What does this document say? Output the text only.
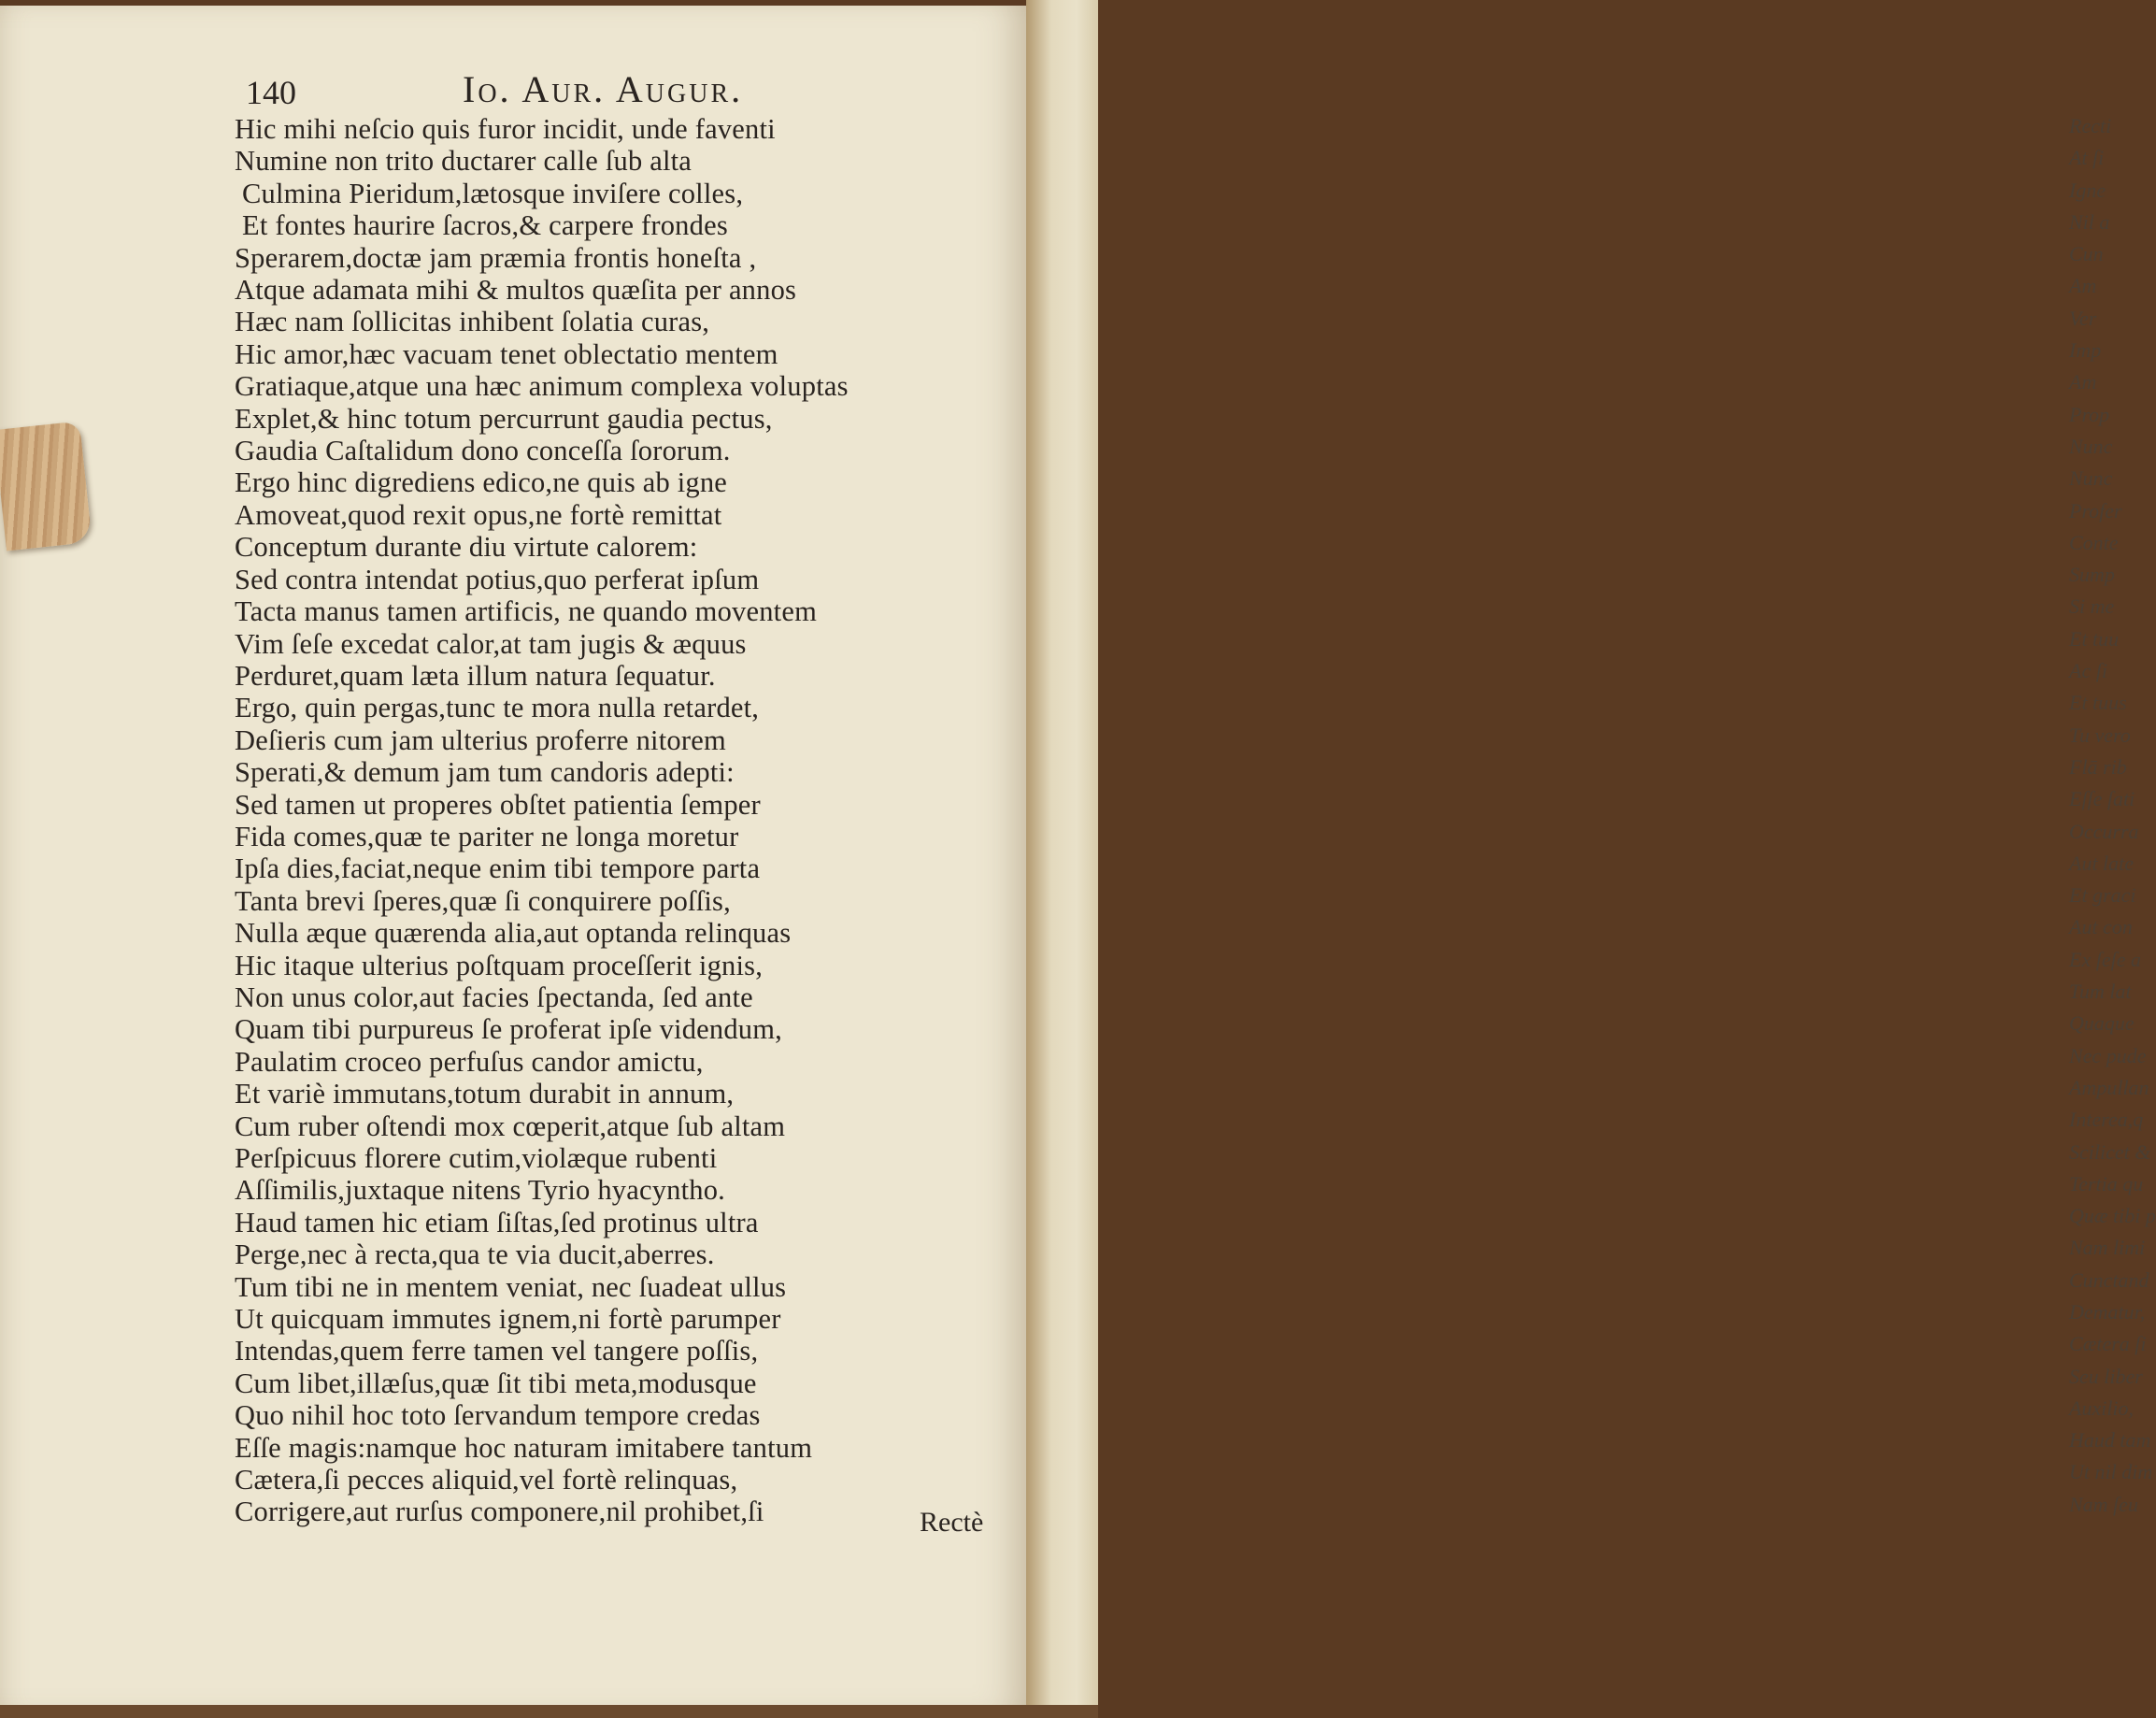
Recti
At ſi
Igne
Nil a
Cun
Am
Ver
Imp
Am
Prop
Nunc
Nunc
Profer
Conte
Sump
Si me
Et tuu
Ac ſi
Et tuus
Tu vero
Flā rib
Eſſe ſati
Occurra
Aut late
Et graci
Aut con
Ex ſeſe a
Tum lat
Quaque
Nec pude
Ampullan
Interea,q
Scilicet &
Tertia qu
Quæ tibi p
Nam limi
Cunctand
Dematur,
Cætera ſi
Seu liber
Auxilio,
Haud tam
Ut nil dim
Nam ſeu
140	Io. Aur. Augur.
Hic mihi neſcio quis furor incidit, unde faventi
Numine non trito ductarer calle ſub alta
Culmina Pieridum,lætosque inviſere colles,
Et fontes haurire ſacros,& carpere frondes
Sperarem,doctæ jam præmia frontis honeſta ,
Atque adamata mihi & multos quæſita per annos
Hæc nam ſollicitas inhibent ſolatia curas,
Hic amor,hæc vacuam tenet oblectatio mentem
Gratiaque,atque una hæc animum complexa voluptas
Explet,& hinc totum percurrunt gaudia pectus,
Gaudia Caſtalidum dono conceſſa ſororum.
Ergo hinc digrediens edico,ne quis ab igne
Amoveat,quod rexit opus,ne fortè remittat
Conceptum durante diu virtute calorem:
Sed contra intendat potius,quo perferat ipſum
Tacta manus tamen artificis, ne quando moventem
Vim ſeſe excedat calor,at tam jugis & æquus
Perduret,quam læta illum natura ſequatur.
Ergo, quin pergas,tunc te mora nulla retardet,
Deſieris cum jam ulterius proferre nitorem
Sperati,& demum jam tum candoris adepti:
Sed tamen ut properes obſtet patientia ſemper
Fida comes,quæ te pariter ne longa moretur
Ipſa dies,faciat,neque enim tibi tempore parta
Tanta brevi ſperes,quæ ſi conquirere poſſis,
Nulla æque quærenda alia,aut optanda relinquas
Hic itaque ulterius poſtquam proceſſerit ignis,
Non unus color,aut facies ſpectanda, ſed ante
Quam tibi purpureus ſe proferat ipſe videndum,
Paulatim croceo perfuſus candor amictu,
Et variè immutans,totum durabit in annum,
Cum ruber oſtendi mox cœperit,atque ſub altam
Perſpicuus florere cutim,violæque rubenti
Aſſimilis,juxtaque nitens Tyrio hyacyntho.
Haud tamen hic etiam ſiſtas,ſed protinus ultra
Perge,nec à recta,qua te via ducit,aberres.
Tum tibi ne in mentem veniat, nec ſuadeat ullus
Ut quicquam immutes ignem,ni fortè parumper
Intendas,quem ferre tamen vel tangere poſſis,
Cum libet,illæſus,quæ ſit tibi meta,modusque
Quo nihil hoc toto ſervandum tempore credas
Eſſe magis:namque hoc naturam imitabere tantum
Cætera,ſi pecces aliquid,vel fortè relinquas,
Corrigere,aut rurſus componere,nil prohibet,ſi	Rectè
